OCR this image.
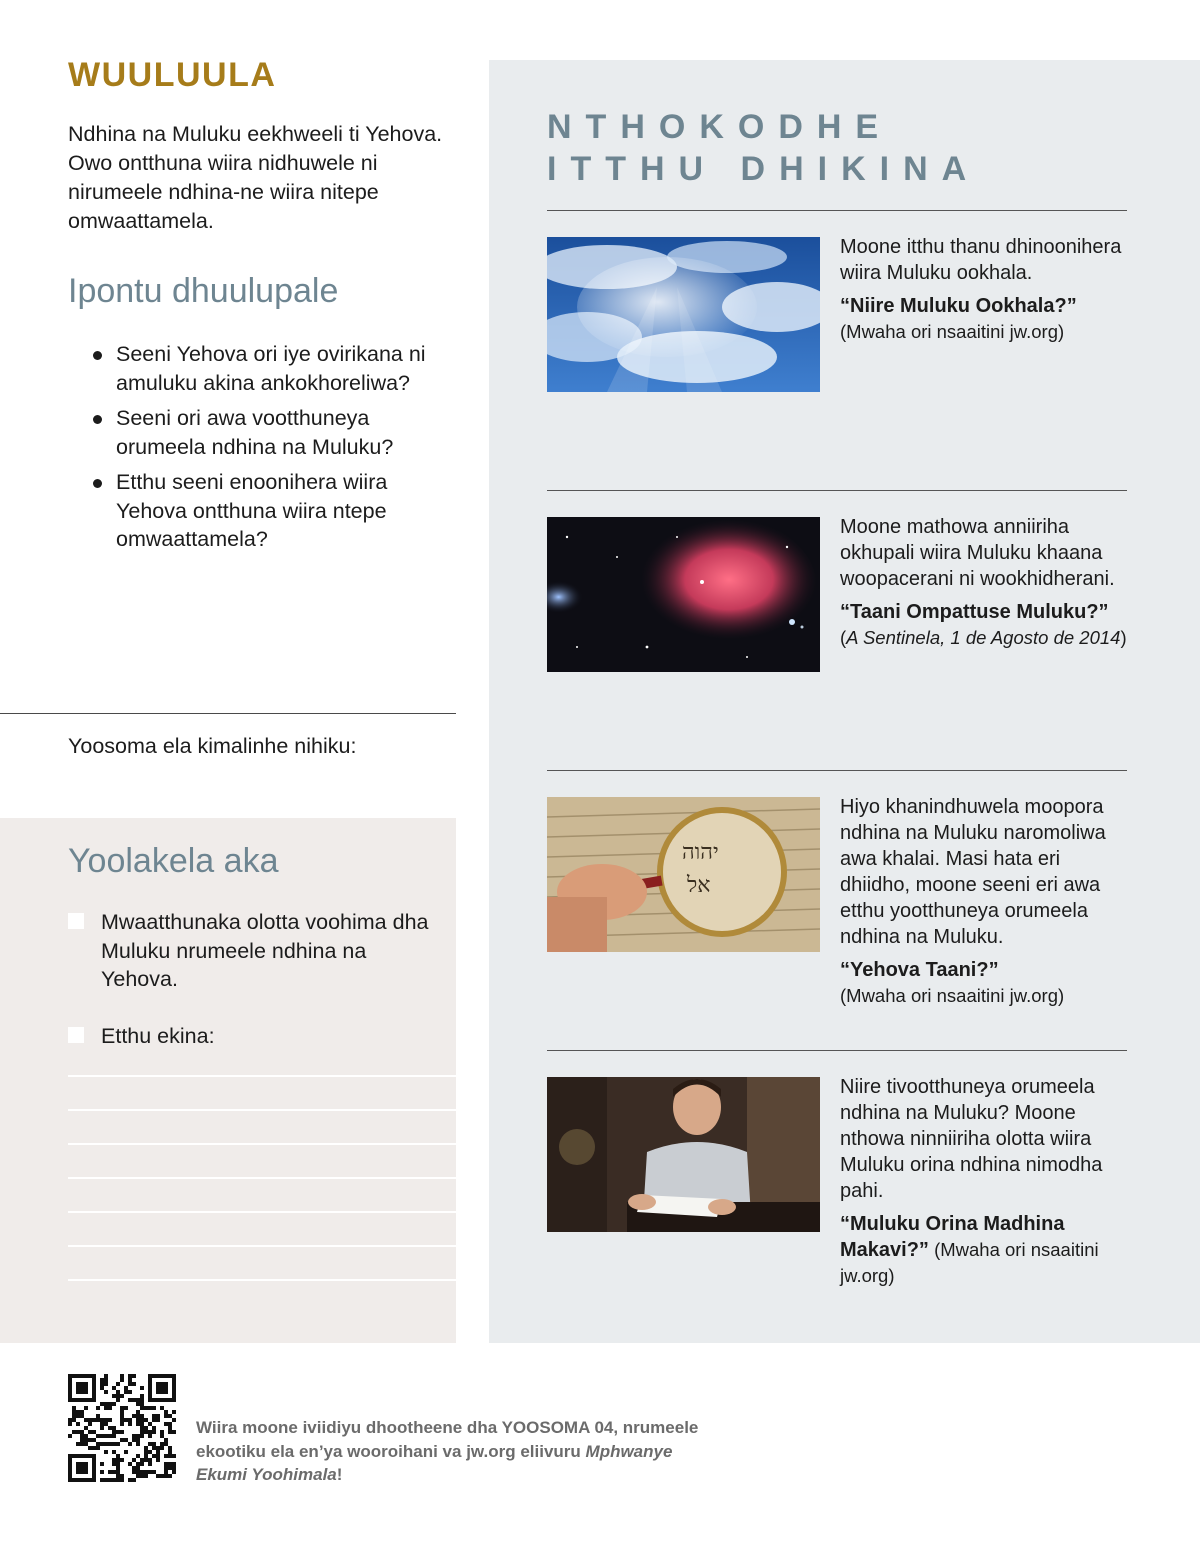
WUULUULA
Ndhina na Muluku eekhweeli ti Yehova. Owo ontthuna wiira nidhuwele ni nirumeele ndhina-ne wiira nitepe omwaattamela.
Ipontu dhuulupale
Seeni Yehova ori iye ovirikana ni amuluku akina ankokhoreliwa?
Seeni ori awa vootthuneya orumeela ndhina na Muluku?
Etthu seeni enoonihera wiira Yehova ontthuna wiira ntepe omwaattamela?
Yoosoma ela kimalinhe nihiku:
Yoolakela aka
Mwaatthunaka olotta voohima dha Muluku nrumeele ndhina na Yehova.
Etthu ekina:
NTHOKODHE
ITTHU DHIKINA

Moone itthu thanu dhinoonihera wiira Muluku ookhala.

“Niire Muluku Ookhala?”
(Mwaha ori nsaaitini jw.org)

Moone mathowa anniiriha okhupali wiira Muluku khaana woopacerani ni wookhidherani.

“Taani Ompattuse Muluku?”
(A Sentinela, 1 de Agosto de 2014)
יהוה
אל

Hiyo khanindhuwela moopora ndhina na Muluku naromoliwa awa khalai. Masi hata eri dhiidho, moone seeni eri awa etthu yootthuneya orumeela ndhina na Muluku.

“Yehova Taani?”
(Mwaha ori nsaaitini jw.org)

Niire tivootthuneya orumeela ndhina na Muluku? Moone nthowa ninniiriha olotta wiira Muluku orina ndhina nimodha pahi.

“Muluku Orina Madhina Makavi?” (Mwaha ori nsaaitini jw.org)
Wiira moone iviidiyu dhootheene dha YOOSOMA 04, nrumeele ekootiku ela en’ya wooroihani va jw.org eliivuru Mphwanye Ekumi Yoohimala!
